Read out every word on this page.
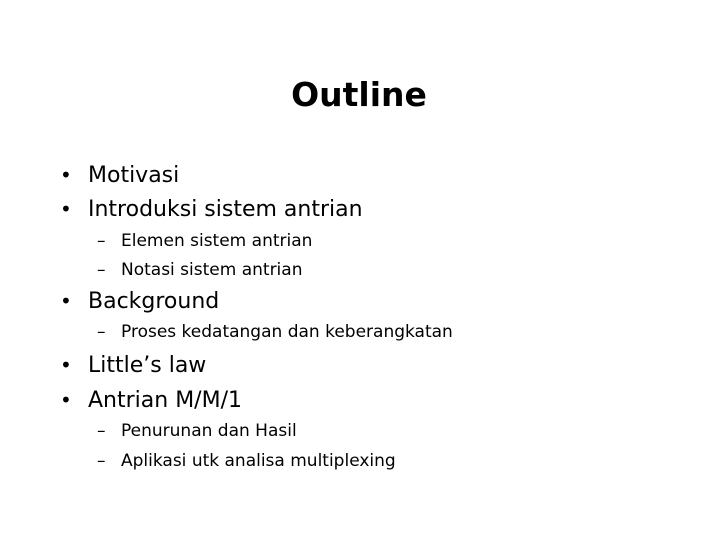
Outline
• Motivasi
• Introduksi sistem antrian
– Elemen sistem antrian
– Notasi sistem antrian
• Background
– Proses kedatangan dan keberangkatan
• Little’s law
• Antrian M/M/1
– Penurunan dan Hasil
– Aplikasi utk analisa multiplexing
